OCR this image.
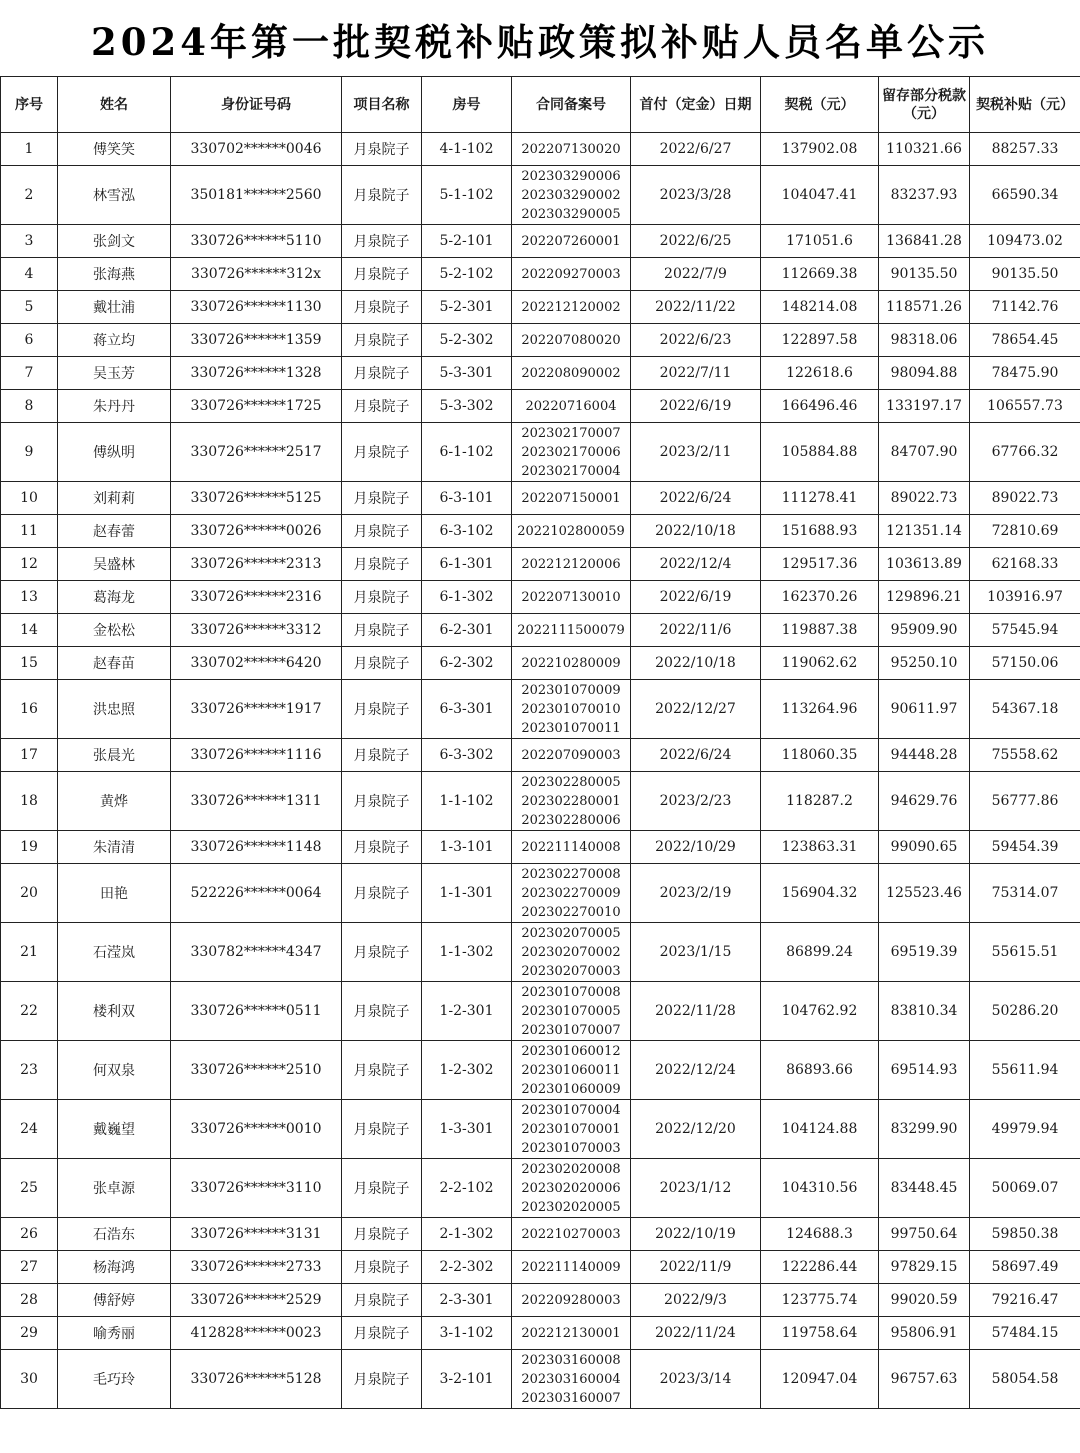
2024年第一批契税补贴政策拟补贴人员名单公示
序号	姓名	身份证号码	项目名称	房号	合同备案号	首付（定金）日期	契税（元）	留存部分税款（元）	契税补贴（元）
1	傅笑笑	330702******0046	月泉院子	4-1-102	202207130020	2022/6/27	137902.08	110321.66	88257.33
2	林雪泓	350181******2560	月泉院子	5-1-102	202303290006
202303290002
202303290005	2023/3/28	104047.41	83237.93	66590.34
3	张剑文	330726******5110	月泉院子	5-2-101	202207260001	2022/6/25	171051.6	136841.28	109473.02
4	张海燕	330726******312x	月泉院子	5-2-102	202209270003	2022/7/9	112669.38	90135.50	90135.50
5	戴壮浦	330726******1130	月泉院子	5-2-301	202212120002	2022/11/22	148214.08	118571.26	71142.76
6	蒋立均	330726******1359	月泉院子	5-2-302	202207080020	2022/6/23	122897.58	98318.06	78654.45
7	吴玉芳	330726******1328	月泉院子	5-3-301	202208090002	2022/7/11	122618.6	98094.88	78475.90
8	朱丹丹	330726******1725	月泉院子	5-3-302	20220716004	2022/6/19	166496.46	133197.17	106557.73
9	傅纵明	330726******2517	月泉院子	6-1-102	202302170007
202302170006
202302170004	2023/2/11	105884.88	84707.90	67766.32
10	刘莉莉	330726******5125	月泉院子	6-3-101	202207150001	2022/6/24	111278.41	89022.73	89022.73
11	赵春蕾	330726******0026	月泉院子	6-3-102	2022102800059	2022/10/18	151688.93	121351.14	72810.69
12	吴盛林	330726******2313	月泉院子	6-1-301	202212120006	2022/12/4	129517.36	103613.89	62168.33
13	葛海龙	330726******2316	月泉院子	6-1-302	202207130010	2022/6/19	162370.26	129896.21	103916.97
14	金松松	330726******3312	月泉院子	6-2-301	2022111500079	2022/11/6	119887.38	95909.90	57545.94
15	赵春苗	330702******6420	月泉院子	6-2-302	202210280009	2022/10/18	119062.62	95250.10	57150.06
16	洪忠照	330726******1917	月泉院子	6-3-301	202301070009
202301070010
202301070011	2022/12/27	113264.96	90611.97	54367.18
17	张晨光	330726******1116	月泉院子	6-3-302	202207090003	2022/6/24	118060.35	94448.28	75558.62
18	黄烨	330726******1311	月泉院子	1-1-102	202302280005
202302280001
202302280006	2023/2/23	118287.2	94629.76	56777.86
19	朱清清	330726******1148	月泉院子	1-3-101	202211140008	2022/10/29	123863.31	99090.65	59454.39
20	田艳	522226******0064	月泉院子	1-1-301	202302270008
202302270009
202302270010	2023/2/19	156904.32	125523.46	75314.07
21	石滢岚	330782******4347	月泉院子	1-1-302	202302070005
202302070002
202302070003	2023/1/15	86899.24	69519.39	55615.51
22	楼利双	330726******0511	月泉院子	1-2-301	202301070008
202301070005
202301070007	2022/11/28	104762.92	83810.34	50286.20
23	何双泉	330726******2510	月泉院子	1-2-302	202301060012
202301060011
202301060009	2022/12/24	86893.66	69514.93	55611.94
24	戴巍望	330726******0010	月泉院子	1-3-301	202301070004
202301070001
202301070003	2022/12/20	104124.88	83299.90	49979.94
25	张卓源	330726******3110	月泉院子	2-2-102	202302020008
202302020006
202302020005	2023/1/12	104310.56	83448.45	50069.07
26	石浩东	330726******3131	月泉院子	2-1-302	202210270003	2022/10/19	124688.3	99750.64	59850.38
27	杨海鸿	330726******2733	月泉院子	2-2-302	202211140009	2022/11/9	122286.44	97829.15	58697.49
28	傅舒婷	330726******2529	月泉院子	2-3-301	202209280003	2022/9/3	123775.74	99020.59	79216.47
29	喻秀丽	412828******0023	月泉院子	3-1-102	202212130001	2022/11/24	119758.64	95806.91	57484.15
30	毛巧玲	330726******5128	月泉院子	3-2-101	202303160008
202303160004
202303160007	2023/3/14	120947.04	96757.63	58054.58
